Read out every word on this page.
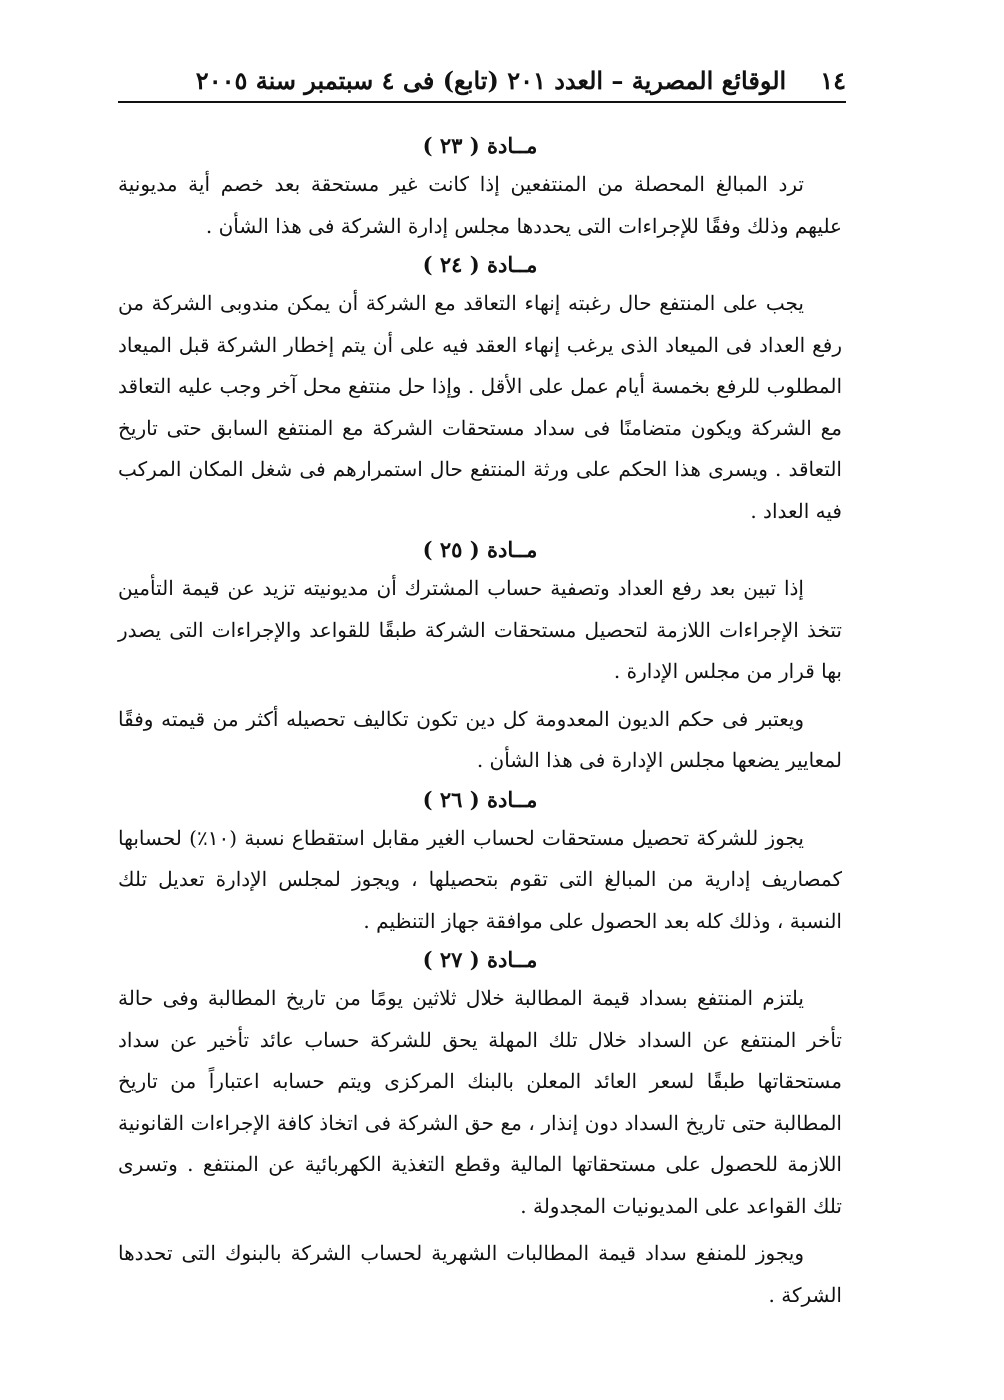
١٤
الوقائع المصرية – العدد ٢٠١ (تابع) فى ٤ سبتمبر سنة ٢٠٠٥
مــادة ( ٢٣ )

ترد المبالغ المحصلة من المنتفعين إذا كانت غير مستحقة بعد خصم أية مديونية عليهم وذلك وفقًا للإجراءات التى يحددها مجلس إدارة الشركة فى هذا الشأن .

مــادة ( ٢٤ )

يجب على المنتفع حال رغبته إنهاء التعاقد مع الشركة أن يمكن مندوبى الشركة من رفع العداد فى الميعاد الذى يرغب إنهاء العقد فيه على أن يتم إخطار الشركة قبل الميعاد المطلوب للرفع بخمسة أيام عمل على الأقل . وإذا حل منتفع محل آخر وجب عليه التعاقد مع الشركة ويكون متضامنًا فى سداد مستحقات الشركة مع المنتفع السابق حتى تاريخ التعاقد . ويسرى هذا الحكم على ورثة المنتفع حال استمرارهم فى شغل المكان المركب فيه العداد .

مــادة ( ٢٥ )

إذا تبين بعد رفع العداد وتصفية حساب المشترك أن مديونيته تزيد عن قيمة التأمين تتخذ الإجراءات اللازمة لتحصيل مستحقات الشركة طبقًا للقواعد والإجراءات التى يصدر بها قرار من مجلس الإدارة .

ويعتبر فى حكم الديون المعدومة كل دين تكون تكاليف تحصيله أكثر من قيمته وفقًا لمعايير يضعها مجلس الإدارة فى هذا الشأن .

مــادة ( ٢٦ )

يجوز للشركة تحصيل مستحقات لحساب الغير مقابل استقطاع نسبة (١٠٪) لحسابها كمصاريف إدارية من المبالغ التى تقوم بتحصيلها ، ويجوز لمجلس الإدارة تعديل تلك النسبة ، وذلك كله بعد الحصول على موافقة جهاز التنظيم .

مــادة ( ٢٧ )

يلتزم المنتفع بسداد قيمة المطالبة خلال ثلاثين يومًا من تاريخ المطالبة وفى حالة تأخر المنتفع عن السداد خلال تلك المهلة يحق للشركة حساب عائد تأخير عن سداد مستحقاتها طبقًا لسعر العائد المعلن بالبنك المركزى ويتم حسابه اعتباراً من تاريخ المطالبة حتى تاريخ السداد دون إنذار ، مع حق الشركة فى اتخاذ كافة الإجراءات القانونية اللازمة للحصول على مستحقاتها المالية وقطع التغذية الكهربائية عن المنتفع . وتسرى تلك القواعد على المديونيات المجدولة .

ويجوز للمنفع سداد قيمة المطالبات الشهرية لحساب الشركة بالبنوك التى تحددها الشركة .
